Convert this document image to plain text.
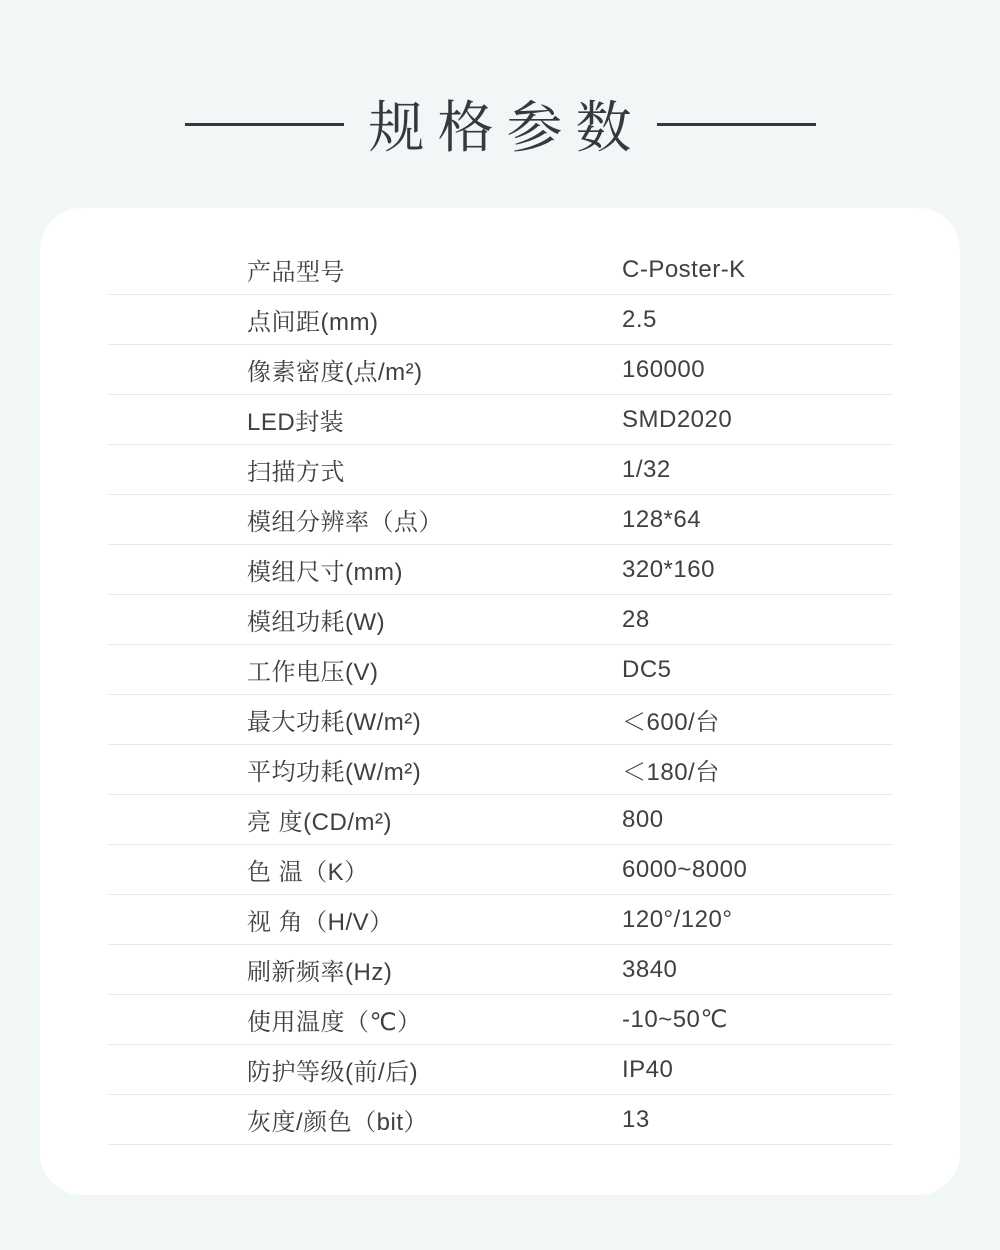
规格参数
产品型号	C-Poster-K
点间距(mm)	2.5
像素密度(点/m²)	160000
LED封装	SMD2020
扫描方式	1/32
模组分辨率（点）	128*64
模组尺寸(mm)	320*160
模组功耗(W)	28
工作电压(V)	DC5
最大功耗(W/m²)	＜600/台
平均功耗(W/m²)	＜180/台
亮 度(CD/m²)	800
色 温（K）	6000~8000
视 角（H/V）	120°/120°
刷新频率(Hz)	3840
使用温度（℃）	-10~50℃
防护等级(前/后)	IP40
灰度/颜色（bit）	13
